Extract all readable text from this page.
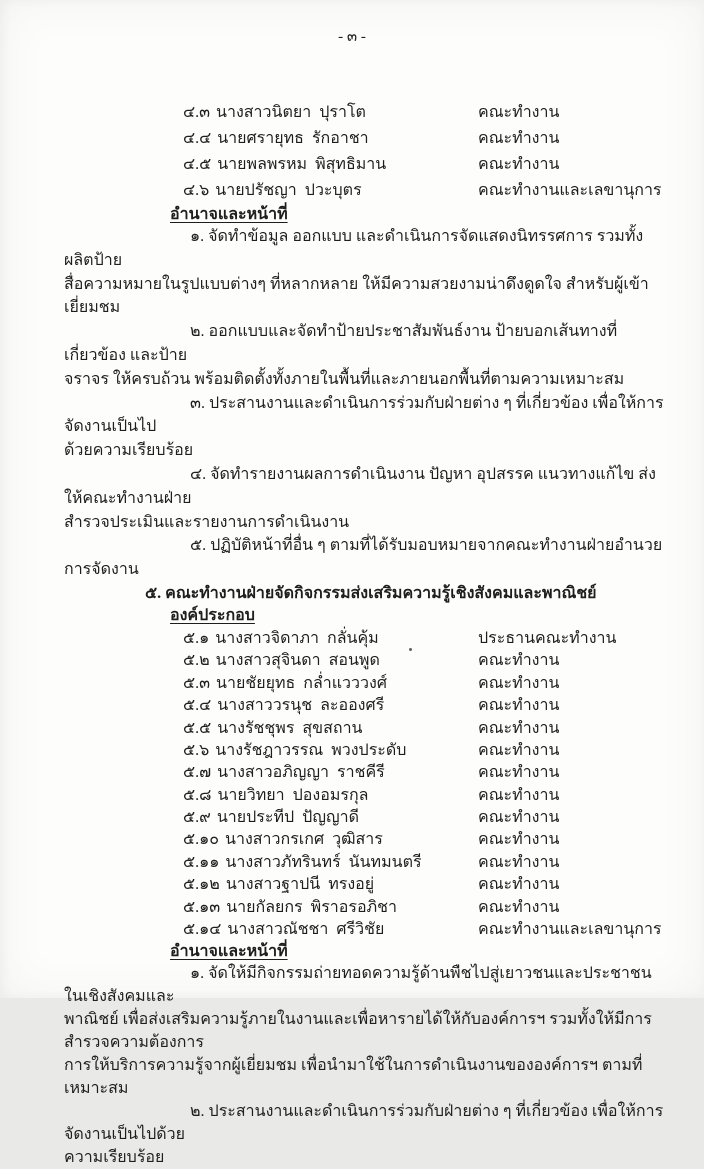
- ๓ -
๔.๓ นางสาวนิตยา  ปุราโต	คณะทำงาน
๔.๔ นายศรายุทธ  รักอาชา	คณะทำงาน
๔.๕ นายพลพรหม  พิสุทธิมาน	คณะทำงาน
๔.๖ นายปรัชญา  ปวะบุตร	คณะทำงานและเลขานุการ
อำนาจและหน้าที่
๑. จัดทำข้อมูล ออกแบบ และดำเนินการจัดแสดงนิทรรศการ รวมทั้งผลิตป้าย
สื่อความหมายในรูปแบบต่างๆ ที่หลากหลาย ให้มีความสวยงามน่าดึงดูดใจ สำหรับผู้เข้าเยี่ยมชม
๒. ออกแบบและจัดทำป้ายประชาสัมพันธ์งาน ป้ายบอกเส้นทางที่เกี่ยวข้อง และป้าย
จราจร ให้ครบถ้วน พร้อมติดตั้งทั้งภายในพื้นที่และภายนอกพื้นที่ตามความเหมาะสม
๓. ประสานงานและดำเนินการร่วมกับฝ่ายต่าง ๆ ที่เกี่ยวข้อง เพื่อให้การจัดงานเป็นไป
ด้วยความเรียบร้อย
๔. จัดทำรายงานผลการดำเนินงาน ปัญหา อุปสรรค แนวทางแก้ไข ส่งให้คณะทำงานฝ่าย
สำรวจประเมินและรายงานการดำเนินงาน
๕. ปฏิบัติหน้าที่อื่น ๆ ตามที่ได้รับมอบหมายจากคณะทำงานฝ่ายอำนวยการจัดงาน
๕. คณะทำงานฝ่ายจัดกิจกรรมส่งเสริมความรู้เชิงสังคมและพาณิชย์
องค์ประกอบ
๕.๑ นางสาวจิดาภา  กลั่นคุ้ม	ประธานคณะทำงาน
๕.๒ นางสาวสุจินดา  สอนพูด	คณะทำงาน
๕.๓ นายชัยยุทธ  กล่ำแวววงศ์	คณะทำงาน
๕.๔ นางสาววรนุช  ละอองศรี	คณะทำงาน
๕.๕ นางรัชชุพร  สุขสถาน	คณะทำงาน
๕.๖ นางรัชฎาวรรณ  พวงประดับ	คณะทำงาน
๕.๗ นางสาวอภิญญา  ราชคีรี	คณะทำงาน
๕.๘ นายวิทยา  ปองอมรกุล	คณะทำงาน
๕.๙ นายประทีป  ปัญญาดี	คณะทำงาน
๕.๑๐ นางสาวกรเกศ  วุฒิสาร	คณะทำงาน
๕.๑๑ นางสาวภัทรินทร์  นันทมนตรี	คณะทำงาน
๕.๑๒ นางสาวฐาปนี  ทรงอยู่	คณะทำงาน
๕.๑๓ นายกัลยกร  พิราอรอภิชา	คณะทำงาน
๕.๑๔ นางสาวณัชชา  ศรีวิชัย	คณะทำงานและเลขานุการ
อำนาจและหน้าที่
๑. จัดให้มีกิจกรรมถ่ายทอดความรู้ด้านพืชไปสู่เยาวชนและประชาชนในเชิงสังคมและ
พาณิชย์ เพื่อส่งเสริมความรู้ภายในงานและเพื่อหารายได้ให้กับองค์การฯ รวมทั้งให้มีการสำรวจความต้องการ
การให้บริการความรู้จากผู้เยี่ยมชม เพื่อนำมาใช้ในการดำเนินงานขององค์การฯ ตามที่เหมาะสม
๒. ประสานงานและดำเนินการร่วมกับฝ่ายต่าง ๆ ที่เกี่ยวข้อง เพื่อให้การจัดงานเป็นไปด้วย
ความเรียบร้อย
